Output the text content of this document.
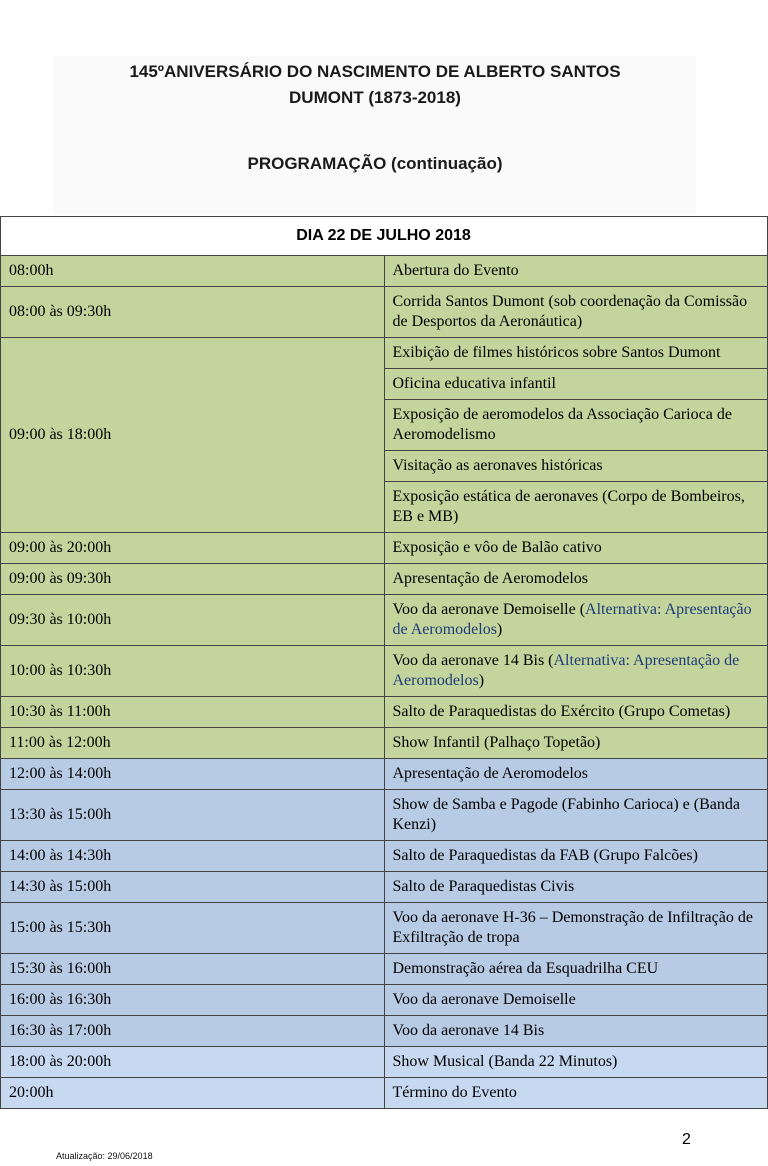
145ºANIVERSÁRIO DO NASCIMENTO DE ALBERTO SANTOS
DUMONT (1873-2018)
PROGRAMAÇÃO (continuação)
DIA 22 DE JULHO 2018	
08:00h	Abertura do Evento
08:00 às 09:30h	Corrida Santos Dumont (sob coordenação da Comissão de Desportos da Aeronáutica)
09:00 às 18:00h	Exibição de filmes históricos sobre Santos Dumont
	Oficina educativa infantil
	Exposição de aeromodelos da Associação Carioca de Aeromodelismo
	Visitação as aeronaves históricas
	Exposição estática de aeronaves (Corpo de Bombeiros, EB e MB)
09:00 às 20:00h	Exposição e vôo de Balão cativo
09:00 às 09:30h	Apresentação de Aeromodelos
09:30 às 10:00h	Voo da aeronave Demoiselle (Alternativa: Apresentação de Aeromodelos)
10:00 às 10:30h	Voo da aeronave 14 Bis (Alternativa: Apresentação de Aeromodelos)
10:30 às 11:00h	Salto de Paraquedistas do Exército (Grupo Cometas)
11:00 às 12:00h	Show Infantil (Palhaço Topetão)
12:00 às 14:00h	Apresentação de Aeromodelos
13:30 às 15:00h	Show de Samba e Pagode (Fabinho Carioca) e (Banda Kenzi)
14:00 às 14:30h	Salto de Paraquedistas da FAB (Grupo Falcões)
14:30 às 15:00h	Salto de Paraquedistas Civis
15:00 às 15:30h	Voo da aeronave H-36 – Demonstração de Infiltração de Exfiltração de tropa
15:30 às 16:00h	Demonstração aérea da Esquadrilha CEU
16:00 às 16:30h	Voo da aeronave Demoiselle
16:30 às 17:00h	Voo da aeronave 14 Bis
18:00 às 20:00h	Show Musical (Banda 22 Minutos)
20:00h	Término do Evento
2
Atualização: 29/06/2018
